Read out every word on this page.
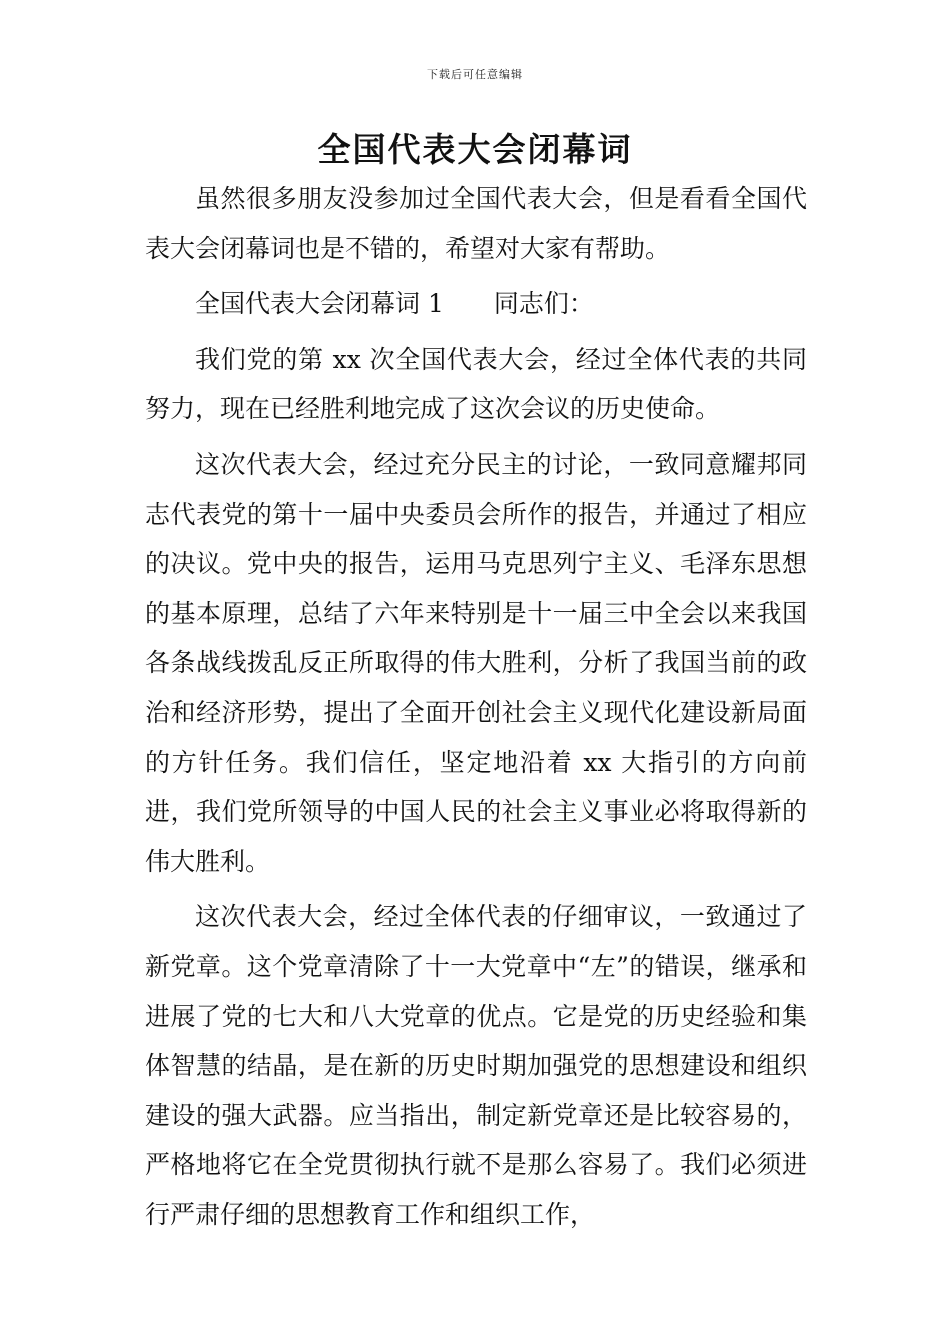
下载后可任意编辑
全国代表大会闭幕词

虽然很多朋友没参加过全国代表大会，但是看看全国代表大会闭幕词也是不错的，希望对大家有帮助。

全国代表大会闭幕词 1 同志们：

我们党的第 xx 次全国代表大会，经过全体代表的共同努力，现在已经胜利地完成了这次会议的历史使命。

这次代表大会，经过充分民主的讨论，一致同意耀邦同志代表党的第十一届中央委员会所作的报告，并通过了相应的决议。党中央的报告，运用马克思列宁主义、毛泽东思想的基本原理，总结了六年来特别是十一届三中全会以来我国各条战线拨乱反正所取得的伟大胜利，分析了我国当前的政治和经济形势，提出了全面开创社会主义现代化建设新局面的方针任务。我们信任，坚定地沿着 xx 大指引的方向前进，我们党所领导的中国人民的社会主义事业必将取得新的伟大胜利。

这次代表大会，经过全体代表的仔细审议，一致通过了新党章。这个党章清除了十一大党章中“左”的错误，继承和进展了党的七大和八大党章的优点。它是党的历史经验和集体智慧的结晶，是在新的历史时期加强党的思想建设和组织建设的强大武器。应当指出，制定新党章还是比较容易的，严格地将它在全党贯彻执行就不是那么容易了。我们必须进行严肃仔细的思想教育工作和组织工作，
